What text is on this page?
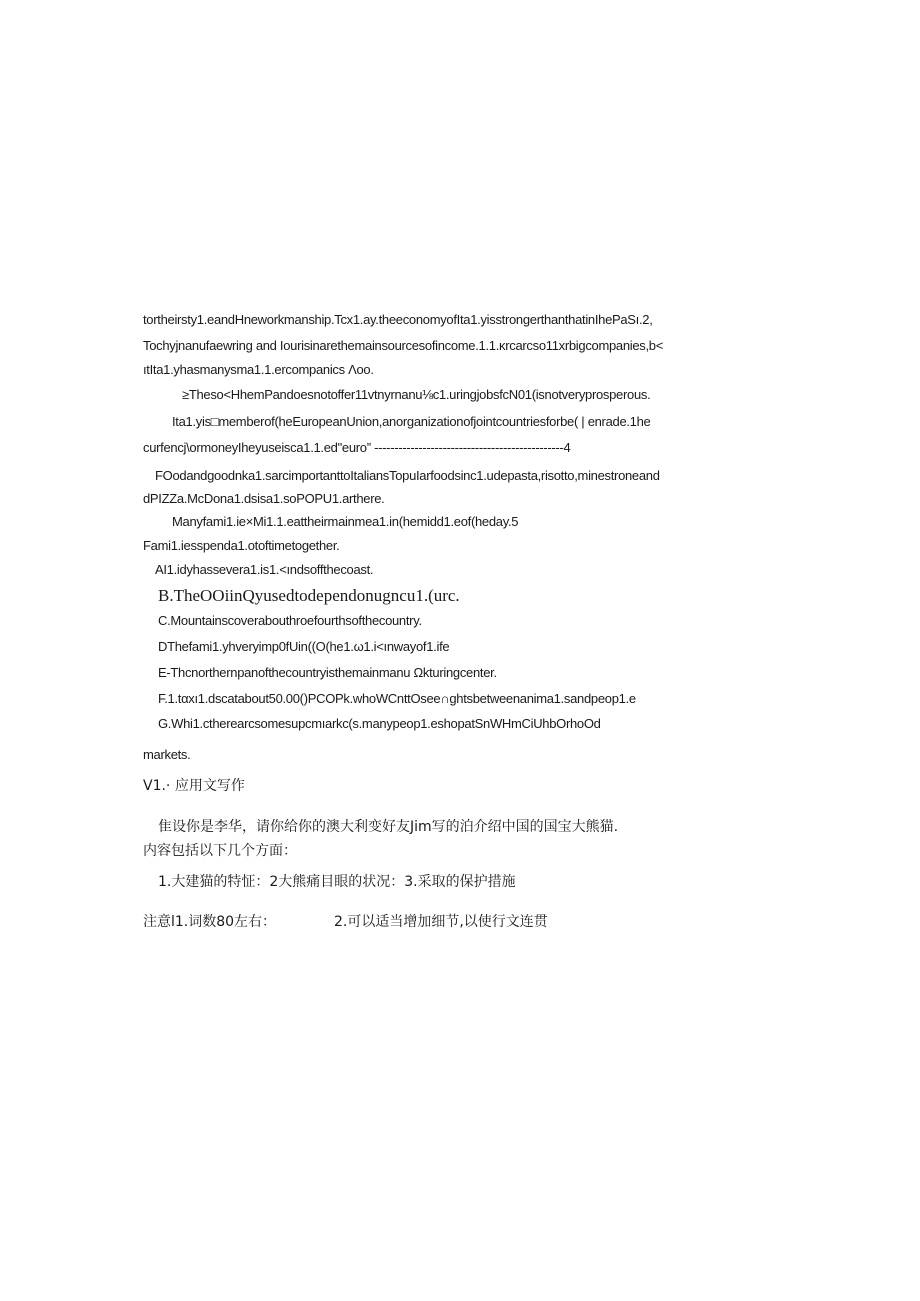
tortheirsty1.eandHneworkmanship.Tcx1.ay.theeconomyofIta1.yisstrongerthanthatinIhePaSı.2,
Tochyjnanufaewring and Iourisinarethemainsourcesofincome.1.1.κrcarcso11xrbigcompanies,b<
ıtIta1.yhasmanysma1.1.ercompanics Λoo.
≥Theso<HhemPandoesnotoffer11vtnyrnanu⅛c1.uringjobsfcN01(isnotveryprosperous.
Ita1.yis□memberof(heEuropeanUnion,anorganizationofjointcountriesforbe( | enrade.1he
curfencj\ormoneyIheyuseisca1.1.ed"euro” -----------------------------------------------4
FOodandgoodnka1.sarcimportanttoItaliansTopuIarfoodsinc1.udepasta,risotto,minestroneand
dPIZZa.McDona1.dsisa1.soPOPU1.arthere.
Manyfami1.ie×Mi1.1.eattheirmainmea1.in(hemidd1.eof(heday.5
Fami1.iesspenda1.otoftimetogether.
AI1.idyhassevera1.is1.<ındsoffthecoast.
B.TheOOiinQyusedtodependonugncu1.(urc.
C.Mountainscoverabouthroefourthsofthecountry.
DThefami1.yhveryimp0fUin((O(he1.ω1.i<ınwayof1.ife
E-Thcnorthernpanofthecountryisthemainmanu Ωkturingcenter.
F.1.tαxı1.dscatabout50.00()PCOPk.whoWCnttOsee∩ghtsbetweenanima1.sandpeop1.e
G.Whi1.ctherearcsomesupcmıarkc(s.manypeop1.eshopatSnWHmCiUhbOrhoOd
markets.
V1.· 应用文写作
隹设你是李华，请你给你的澳大利变好友Jim写的泊介绍中国的国宝大熊猫.
内容包括以下几个方面：
1.大建猫的特怔：2大熊痛目眼的状况：3.采取的保护措施
注意l1.词数80左右：	2.可以适当增加细节,以使行文连贯
